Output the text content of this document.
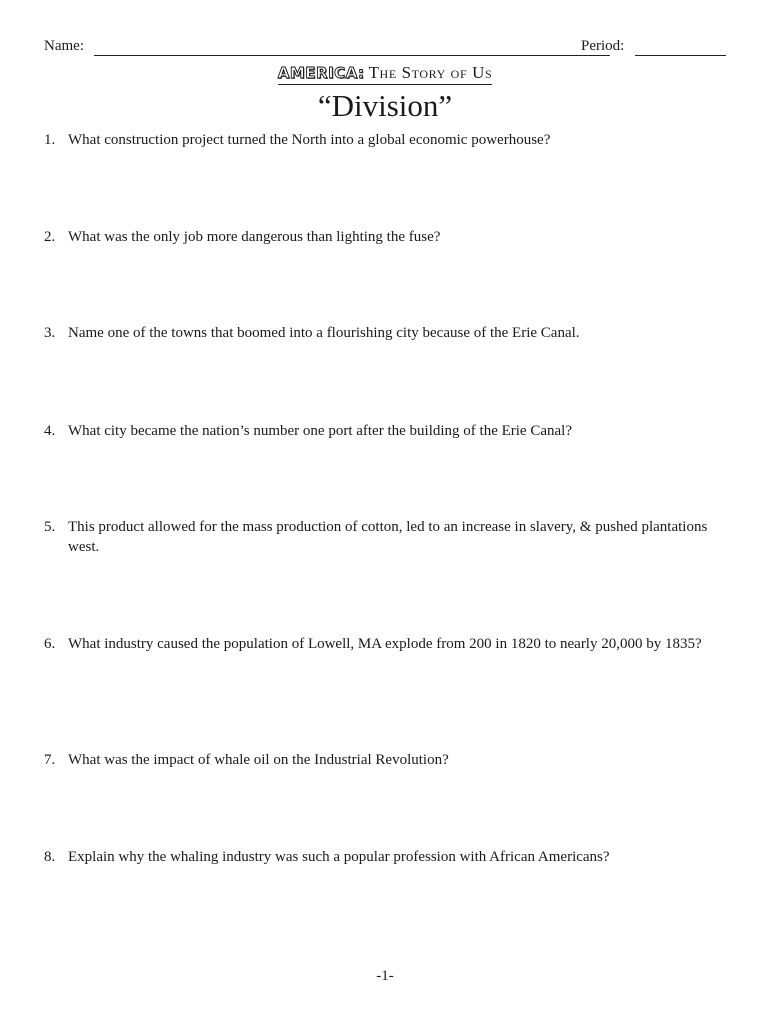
Name:	Period:
AMERICA: The Story of Us
“Division”
1. What construction project turned the North into a global economic powerhouse?
2. What was the only job more dangerous than lighting the fuse?
3. Name one of the towns that boomed into a flourishing city because of the Erie Canal.
4. What city became the nation’s number one port after the building of the Erie Canal?
5. This product allowed for the mass production of cotton, led to an increase in slavery, & pushed plantations west.
6. What industry caused the population of Lowell, MA explode from 200 in 1820 to nearly 20,000 by 1835?
7. What was the impact of whale oil on the Industrial Revolution?
8. Explain why the whaling industry was such a popular profession with African Americans?
-1-
